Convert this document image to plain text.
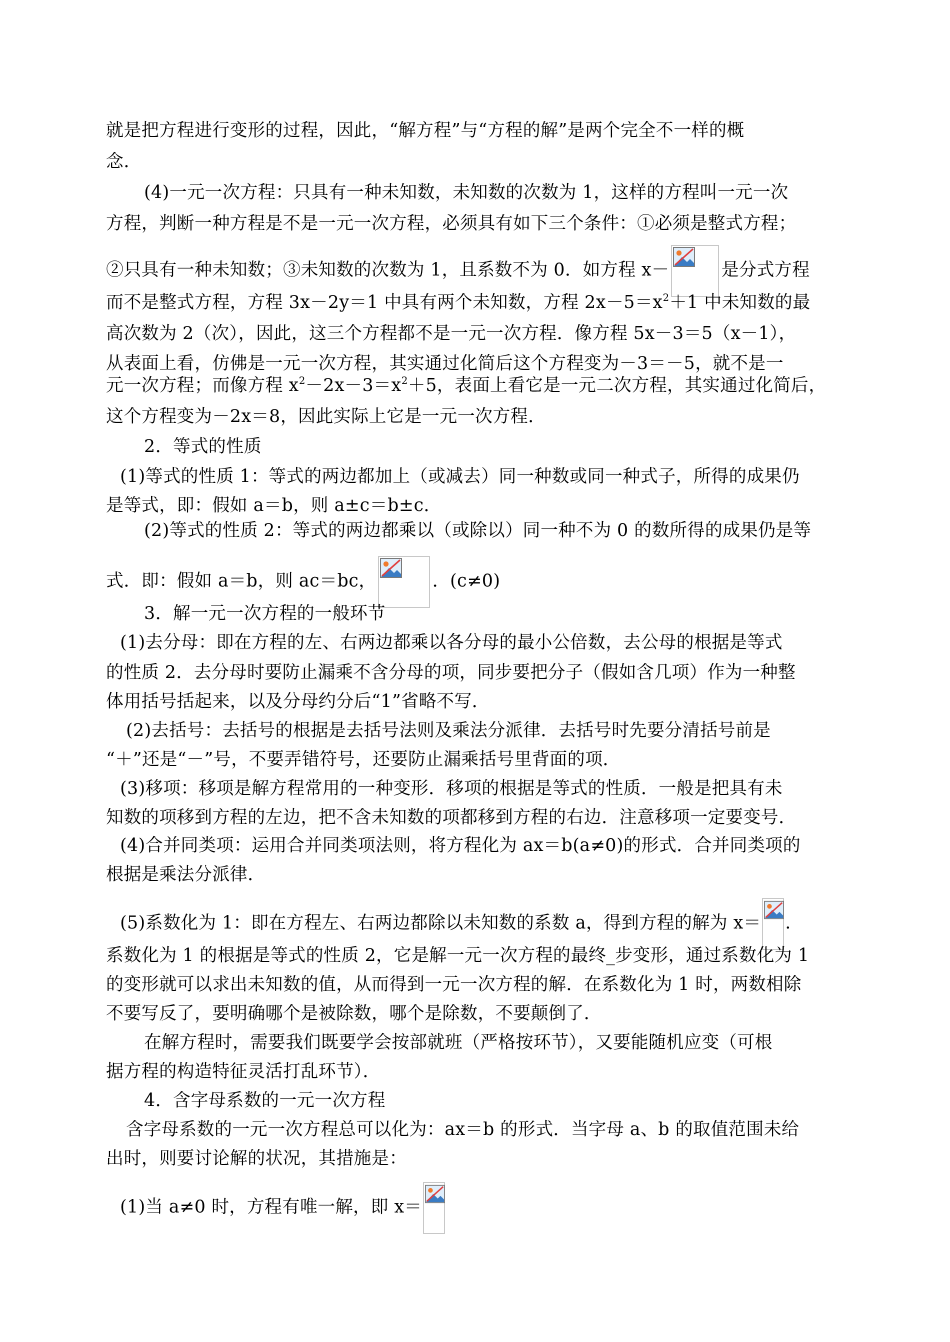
就是把方程进行变形的过程，因此，“解方程”与“方程的解”是两个完全不一样的概
念．
(4)一元一次方程：只具有一种未知数，未知数的次数为 1，这样的方程叫一元一次
方程，判断一种方程是不是一元一次方程，必须具有如下三个条件：①必须是整式方程；
②只具有一种未知数；③未知数的次数为 1，且系数不为 0．如方程 x－	是分式方程
而不是整式方程，方程 3x－2y＝1 中具有两个未知数，方程 $2x-5=x^2+1$ 中未知数的最
高次数为 2（次），因此，这三个方程都不是一元一次方程．像方程 5x－3＝5（x－1），
从表面上看，仿佛是一元一次方程，其实通过化简后这个方程变为－3＝－5，就不是一
元一次方程；而像方程 $x^2-2x-3=x^2+5$，表面上看它是一元二次方程，其实通过化简后，
这个方程变为－2x＝8，因此实际上它是一元一次方程．
2．等式的性质
(1)等式的性质 1：等式的两边都加上（或减去）同一种数或同一种式子，所得的成果仍
是等式，即：假如 a＝b，则 a±c＝b±c．
(2)等式的性质 2：等式的两边都乘以（或除以）同一种不为 0 的数所得的成果仍是等
式．即：假如 a＝b，则 ac＝bc，	．(c≠0)
3．解一元一次方程的一般环节
(1)去分母：即在方程的左、右两边都乘以各分母的最小公倍数，去公母的根据是等式
的性质 2．去分母时要防止漏乘不含分母的项，同步要把分子（假如含几项）作为一种整
体用括号括起来，以及分母约分后“1”省略不写．
(2)去括号：去括号的根据是去括号法则及乘法分派律．去括号时先要分清括号前是
“＋”还是“－”号，不要弄错符号，还要防止漏乘括号里背面的项．
(3)移项：移项是解方程常用的一种变形．移项的根据是等式的性质．一般是把具有未
知数的项移到方程的左边，把不含未知数的项都移到方程的右边．注意移项一定要变号．
(4)合并同类项：运用合并同类项法则，将方程化为 ax＝b(a≠0)的形式．合并同类项的
根据是乘法分派律．
(5)系数化为 1：即在方程左、右两边都除以未知数的系数 a，得到方程的解为 x＝ .
系数化为 1 的根据是等式的性质 2，它是解一元一次方程的最终_步变形，通过系数化为 1
的变形就可以求出未知数的值，从而得到一元一次方程的解．在系数化为 1 时，两数相除
不要写反了，要明确哪个是被除数，哪个是除数，不要颠倒了．
在解方程时，需要我们既要学会按部就班（严格按环节），又要能随机应变（可根
据方程的构造特征灵活打乱环节）．
4．含字母系数的一元一次方程
含字母系数的一元一次方程总可以化为：ax＝b 的形式．当字母 a、b 的取值范围未给
出时，则要讨论解的状况，其措施是：
(1)当 a≠0 时，方程有唯一解，即 x＝
